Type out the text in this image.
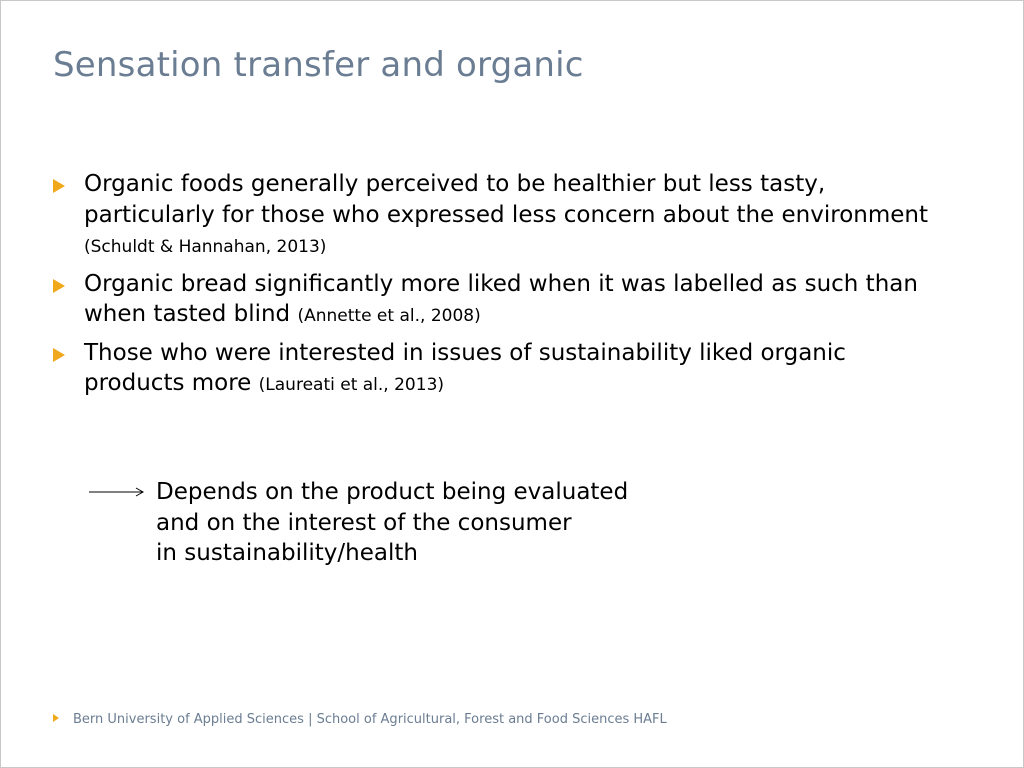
Sensation transfer and organic
Organic foods generally perceived to be healthier but less tasty, particularly for those who expressed less concern about the environment (Schuldt & Hannahan, 2013)
Organic bread significantly more liked when it was labelled as such than when tasted blind (Annette et al., 2008)
Those who were interested in issues of sustainability liked organic products more (Laureati et al., 2013)
Depends on the product being evaluated
and on the interest of the consumer
in sustainability/health
Bern University of Applied Sciences | School of Agricultural, Forest and Food Sciences HAFL
